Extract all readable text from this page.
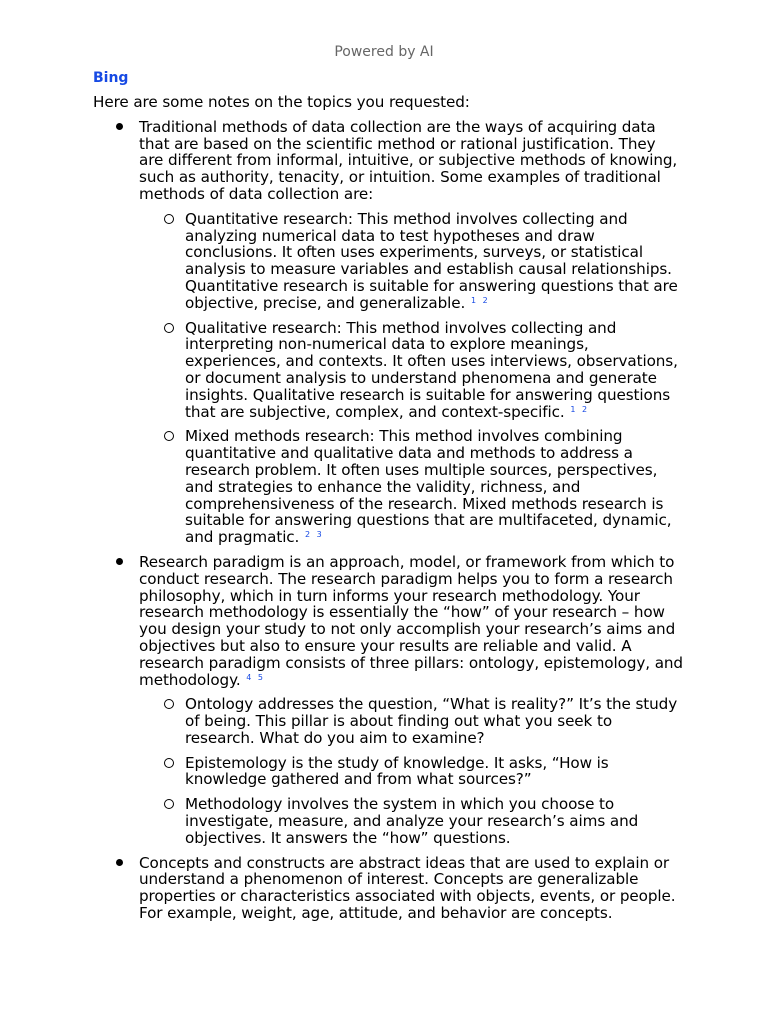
Powered by AI
Bing

Here are some notes on the topics you requested:

Traditional methods of data collection are the ways of acquiring data that are based on the scientific method or rational justification. They are different from informal, intuitive, or subjective methods of knowing, such as authority, tenacity, or intuition. Some examples of traditional methods of data collection are:
Quantitative research: This method involves collecting and analyzing numerical data to test hypotheses and draw conclusions. It often uses experiments, surveys, or statistical analysis to measure variables and establish causal relationships. Quantitative research is suitable for answering questions that are objective, precise, and generalizable. $^{1 2}$
Qualitative research: This method involves collecting and interpreting non-numerical data to explore meanings, experiences, and contexts. It often uses interviews, observations, or document analysis to understand phenomena and generate insights. Qualitative research is suitable for answering questions that are subjective, complex, and context-specific. $^{1 2}$
Mixed methods research: This method involves combining quantitative and qualitative data and methods to address a research problem. It often uses multiple sources, perspectives, and strategies to enhance the validity, richness, and comprehensiveness of the research. Mixed methods research is suitable for answering questions that are multifaceted, dynamic, and pragmatic. $^{2 3}$
Research paradigm is an approach, model, or framework from which to conduct research. The research paradigm helps you to form a research philosophy, which in turn informs your research methodology. Your research methodology is essentially the “how” of your research – how you design your study to not only accomplish your research’s aims and objectives but also to ensure your results are reliable and valid. A research paradigm consists of three pillars: ontology, epistemology, and methodology. $^{4 5}$
Ontology addresses the question, “What is reality?” It’s the study of being. This pillar is about finding out what you seek to research. What do you aim to examine?
Epistemology is the study of knowledge. It asks, “How is knowledge gathered and from what sources?”
Methodology involves the system in which you choose to investigate, measure, and analyze your research’s aims and objectives. It answers the “how” questions.
Concepts and constructs are abstract ideas that are used to explain or understand a phenomenon of interest. Concepts are generalizable properties or characteristics associated with objects, events, or people. For example, weight, age, attitude, and behavior are concepts.
